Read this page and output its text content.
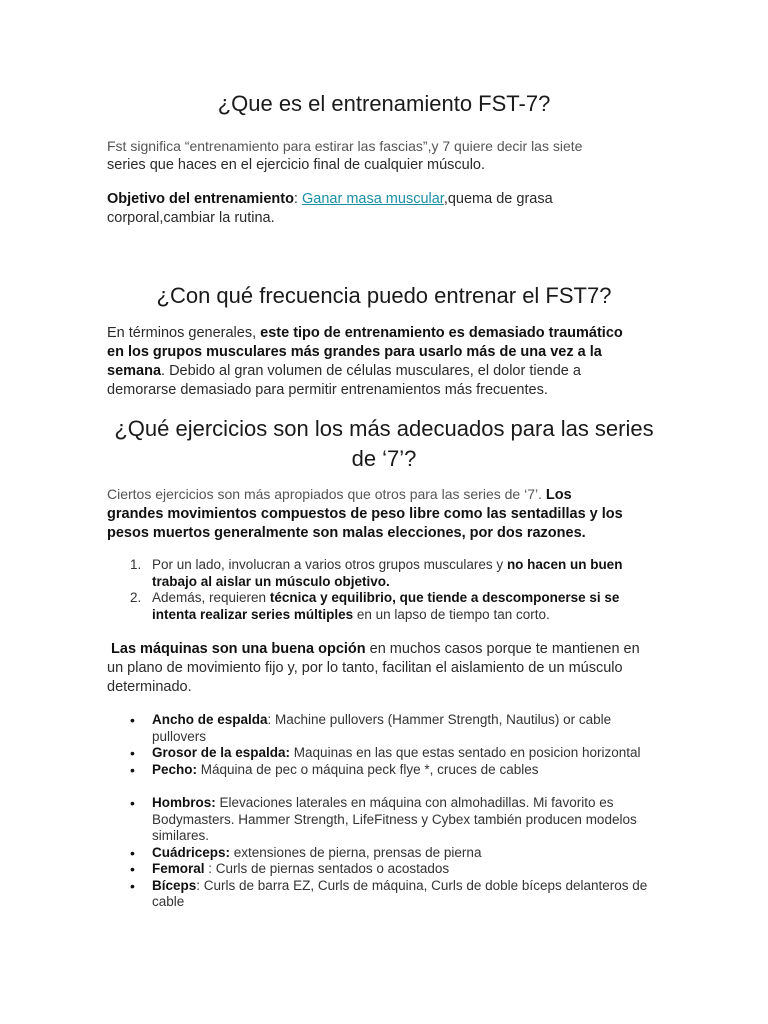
¿Que es el entrenamiento FST-7?

Fst significa “entrenamiento para estirar las fascias”,y 7 quiere decir las siete

series que haces en el ejercicio final de cualquier músculo.

Objetivo del entrenamiento: Ganar masa muscular,quema de grasa

corporal,cambiar la rutina.

¿Con qué frecuencia puedo entrenar el FST7?

En términos generales, este tipo de entrenamiento es demasiado traumático

en los grupos musculares más grandes para usarlo más de una vez a la

semana. Debido al gran volumen de células musculares, el dolor tiende a

demorarse demasiado para permitir entrenamientos más frecuentes.

¿Qué ejercicios son los más adecuados para las series
de ‘7’?

Ciertos ejercicios son más apropiados que otros para las series de ‘7’. Los

grandes movimientos compuestos de peso libre como las sentadillas y los

pesos muertos generalmente son malas elecciones, por dos razones.

1. Por un lado, involucran a varios otros grupos musculares y no hacen un buen
trabajo al aislar un músculo objetivo.
2. Además, requieren técnica y equilibrio, que tiende a descomponerse si se
intenta realizar series múltiples en un lapso de tiempo tan corto.

Las máquinas son una buena opción en muchos casos porque te mantienen en

un plano de movimiento fijo y, por lo tanto, facilitan el aislamiento de un músculo

determinado.

• Ancho de espalda: Machine pullovers (Hammer Strength, Nautilus) or cable
pullovers
• Grosor de la espalda: Maquinas en las que estas sentado en posicion horizontal
• Pecho: Máquina de pec o máquina peck flye *, cruces de cables
• Hombros: Elevaciones laterales en máquina con almohadillas. Mi favorito es
Bodymasters. Hammer Strength, LifeFitness y Cybex también producen modelos
similares.
• Cuádriceps: extensiones de pierna, prensas de pierna
• Femoral : Curls de piernas sentados o acostados
• Bíceps: Curls de barra EZ, Curls de máquina, Curls de doble bíceps delanteros de
cable
